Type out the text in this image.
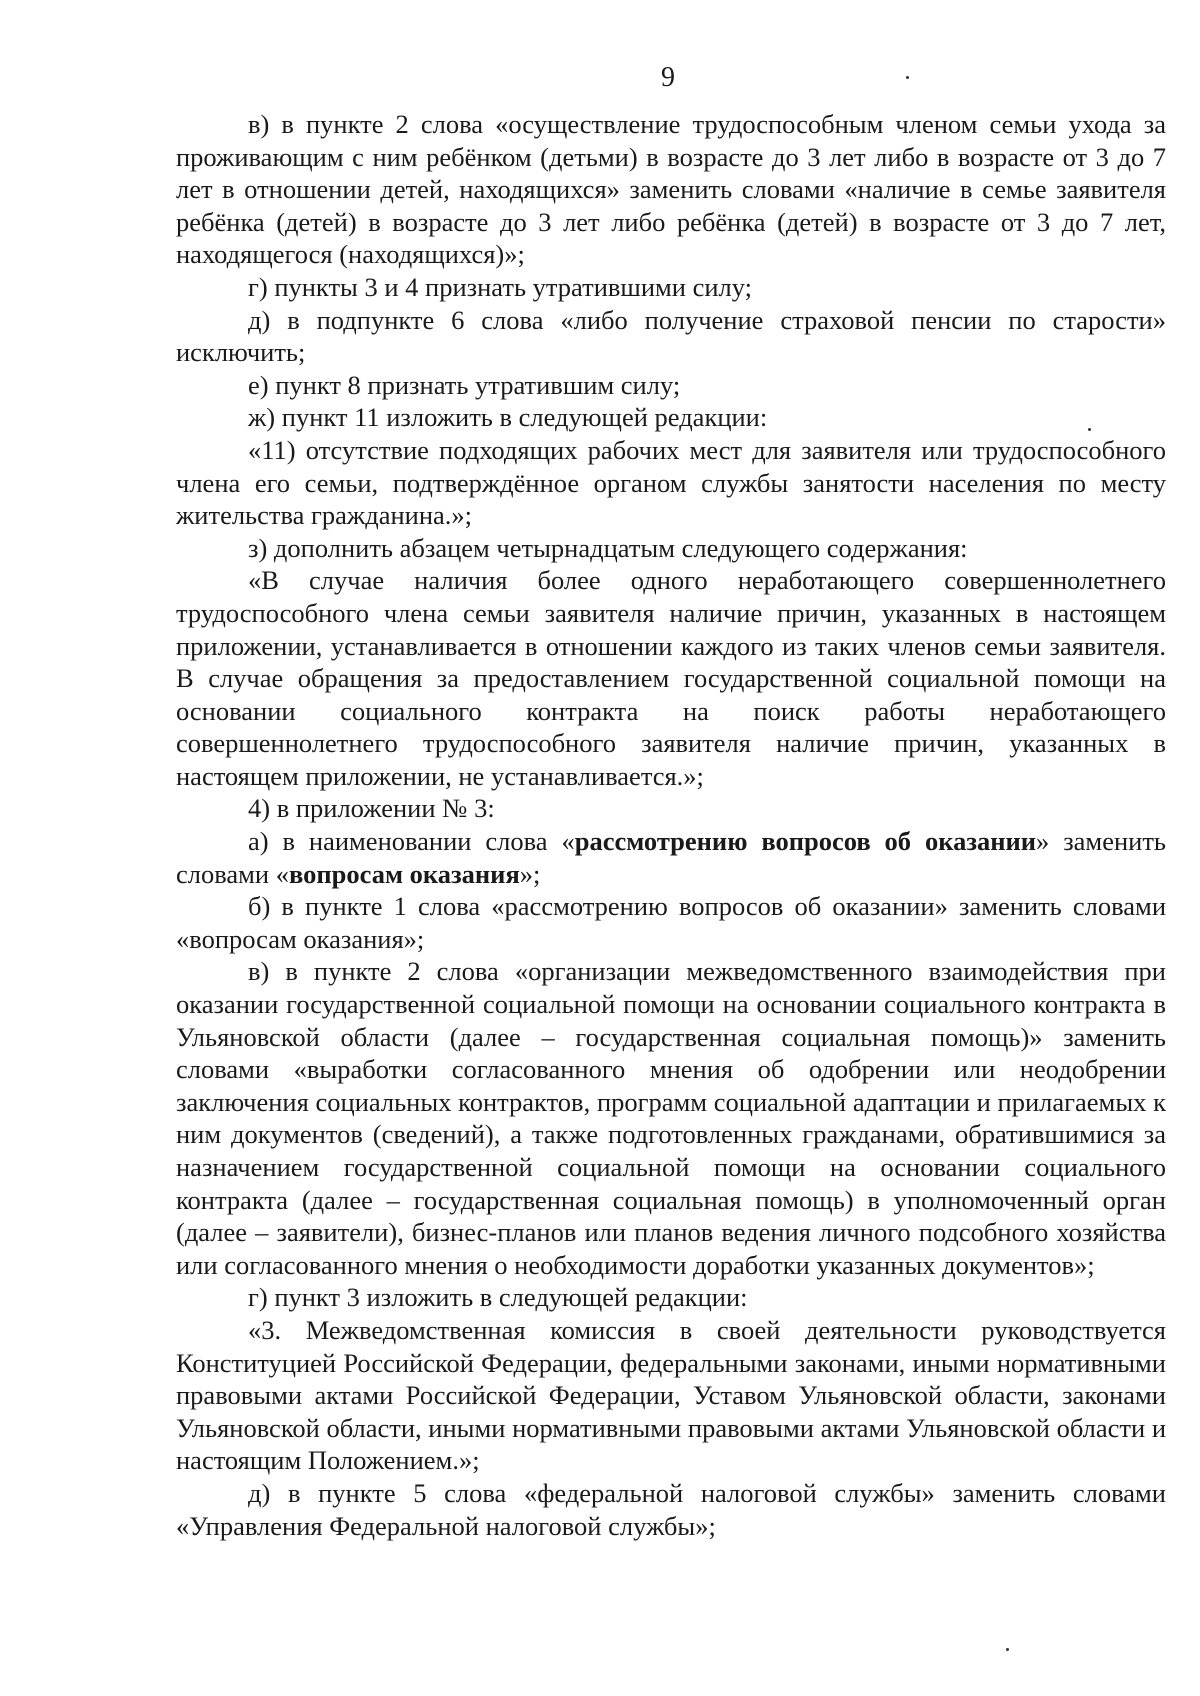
9

в) в пункте 2 слова «осуществление трудоспособным членом семьи ухода за проживающим с ним ребёнком (детьми) в возрасте до 3 лет либо в возрасте от 3 до 7 лет в отношении детей, находящихся» заменить словами «наличие в семье заявителя ребёнка (детей) в возрасте до 3 лет либо ребёнка (детей) в возрасте от 3 до 7 лет, находящегося (находящихся)»;

г) пункты 3 и 4 признать утратившими силу;

д) в подпункте 6 слова «либо получение страховой пенсии по старости» исключить;

е) пункт 8 признать утратившим силу;

ж) пункт 11 изложить в следующей редакции:

«11) отсутствие подходящих рабочих мест для заявителя или трудоспособного члена его семьи, подтверждённое органом службы занятости населения по месту жительства гражданина.»;

з) дополнить абзацем четырнадцатым следующего содержания:

«В случае наличия более одного неработающего совершеннолетнего трудоспособного члена семьи заявителя наличие причин, указанных в настоящем приложении, устанавливается в отношении каждого из таких членов семьи заявителя. В случае обращения за предоставлением государственной социальной помощи на основании социального контракта на поиск работы неработающего совершеннолетнего трудоспособного заявителя наличие причин, указанных в настоящем приложении, не устанавливается.»;

4) в приложении № 3:

а) в наименовании слова «рассмотрению вопросов об оказании» заменить словами «вопросам оказания»;

б) в пункте 1 слова «рассмотрению вопросов об оказании» заменить словами «вопросам оказания»;

в) в пункте 2 слова «организации межведомственного взаимодействия при оказании государственной социальной помощи на основании социального контракта в Ульяновской области (далее – государственная социальная помощь)» заменить словами «выработки согласованного мнения об одобрении или неодобрении заключения социальных контрактов, программ социальной адаптации и прилагаемых к ним документов (сведений), а также подготовленных гражданами, обратившимися за назначением государственной социальной помощи на основании социального контракта (далее – государственная социальная помощь) в уполномоченный орган (далее – заявители), бизнес-планов или планов ведения личного подсобного хозяйства или согласованного мнения о необходимости доработки указанных документов»;

г) пункт 3 изложить в следующей редакции:

«3. Межведомственная комиссия в своей деятельности руководствуется Конституцией Российской Федерации, федеральными законами, иными нормативными правовыми актами Российской Федерации, Уставом Ульяновской области, законами Ульяновской области, иными нормативными правовыми актами Ульяновской области и настоящим Положением.»;

д) в пункте 5 слова «федеральной налоговой службы» заменить словами «Управления Федеральной налоговой службы»;
